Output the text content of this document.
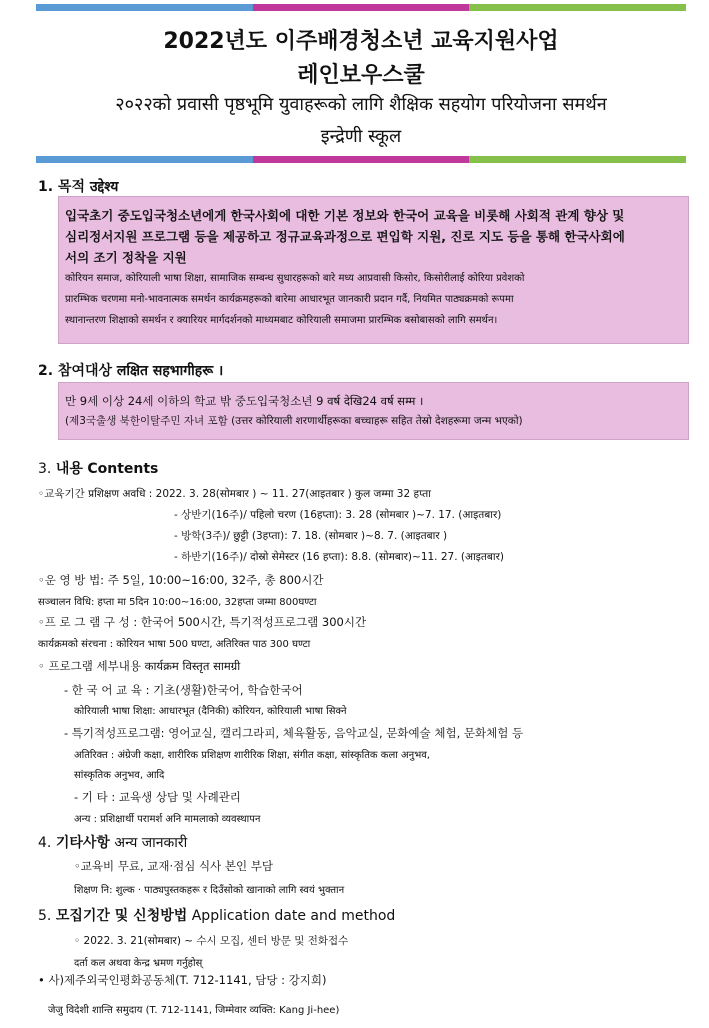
2022년도 이주배경청소년 교육지원사업
레인보우스쿨
२०२२को प्रवासी पृष्ठभूमि युवाहरूको लागि शैक्षिक सहयोग परियोजना समर्थन
इन्द्रेणी स्कूल
1. 목적 उद्देश्य

입국초기 중도입국청소년에게 한국사회에 대한 기본 정보와 한국어 교육을 비롯해 사회적 관계 향상 및

심리정서지원 프로그램 등을 제공하고 정규교육과정으로 편입학 지원, 진로 지도 등을 통해 한국사회에

서의 조기 정착을 지원

कोरियन समाज, कोरियाली भाषा शिक्षा, सामाजिक सम्बन्ध सुधारहरूको बारे मध्य आप्रवासी किसोर, किसोरीलाई कोरिया प्रवेशको

प्रारम्भिक चरणमा मनो-भावनात्मक समर्थन कार्यक्रमहरूको बारेमा आधारभूत जानकारी प्रदान गर्दै, नियमित पाठ्यक्रमको रूपमा

स्थानान्तरण शिक्षाको समर्थन र क्यारियर मार्गदर्शनको माध्यमबाट कोरियाली समाजमा प्रारम्भिक बसोबासको लागि समर्थन।

2. 참여대상 लक्षित सहभागीहरू ।

만 9세 이상 24세 이하의 학교 밖 중도입국청소년 9 वर्ष देखि24 वर्ष सम्म ।

(제3국출생 북한이탈주민 자녀 포함 (उत्तर कोरियाली शरणार्थीहरूका बच्चाहरू सहित तेस्रो देशहरूमा जन्म भएको)

3. 내용 Contents
◦교육기간 प्रशिक्षण अवधि : 2022. 3. 28(सोमबार ) ~ 11. 27(आइतबार ) कुल जम्मा 32 हप्ता
- 상반기(16주)/ पहिलो चरण (16हप्ता): 3. 28 (सोमबार )~7. 17. (आइतबार)
- 방학(3주)/ छुट्टी (3हप्ता): 7. 18. (सोमबार )~8. 7. (आइतबार )
- 하반기(16주)/ दोस्रो सेमेस्टर (16 हप्ता): 8.8. (सोमबार)~11. 27. (आइतबार)
◦운 영 방 법: 주 5일, 10:00~16:00, 32주, 총 800시간
सञ्चालन विधि: हप्ता मा 5दिन 10:00~16:00, 32हप्ता जम्मा 800घण्टा
◦프 로 그 램 구 성 : 한국어 500시간, 특기적성프로그램 300시간
कार्यक्रमको संरचना : कोरियन भाषा 500 घण्टा, अतिरिक्त पाठ 300 घण्टा
◦ 프로그램 세부내용 कार्यक्रम विस्तृत सामग्री
- 한 국 어 교 육 : 기초(생활)한국어, 학습한국어
कोरियाली भाषा शिक्षा: आधारभूत (दैनिकी) कोरियन, कोरियाली भाषा सिक्ने
- 특기적성프로그램: 영어교실, 캘리그라피, 체육활동, 음악교실, 문화예술 체험, 문화체험 등
अतिरिक्त : अंग्रेजी कक्षा, शारीरिक प्रशिक्षण शारीरिक शिक्षा, संगीत कक्षा, सांस्कृतिक कला अनुभव,
सांस्कृतिक अनुभव, आदि
- 기 타 : 교육생 상담 및 사례관리
अन्य : प्रशिक्षार्थी परामर्श अनि मामलाको व्यवस्थापन
4. 기타사항 अन्य जानकारी
◦교육비 무료, 교재·점심 식사 본인 부담
शिक्षण नि: शुल्क · पाठ्यपुस्तकहरू र दिउँसोको खानाको लागि स्वयं भुक्तान
5. 모집기간 및 신청방법 Application date and method
◦ 2022. 3. 21(सोमबार) ~ 수시 모집, 센터 방문 및 전화접수
दर्ता कल अथवा केन्द्र भ्रमण गर्नुहोस्
• 사)제주외국인평화공동체(T. 712-1141, 담당 : 강지희)
जेजु विदेशी शान्ति समुदाय (T. 712-1141, जिम्मेवार व्यक्ति: Kang Ji-hee)
